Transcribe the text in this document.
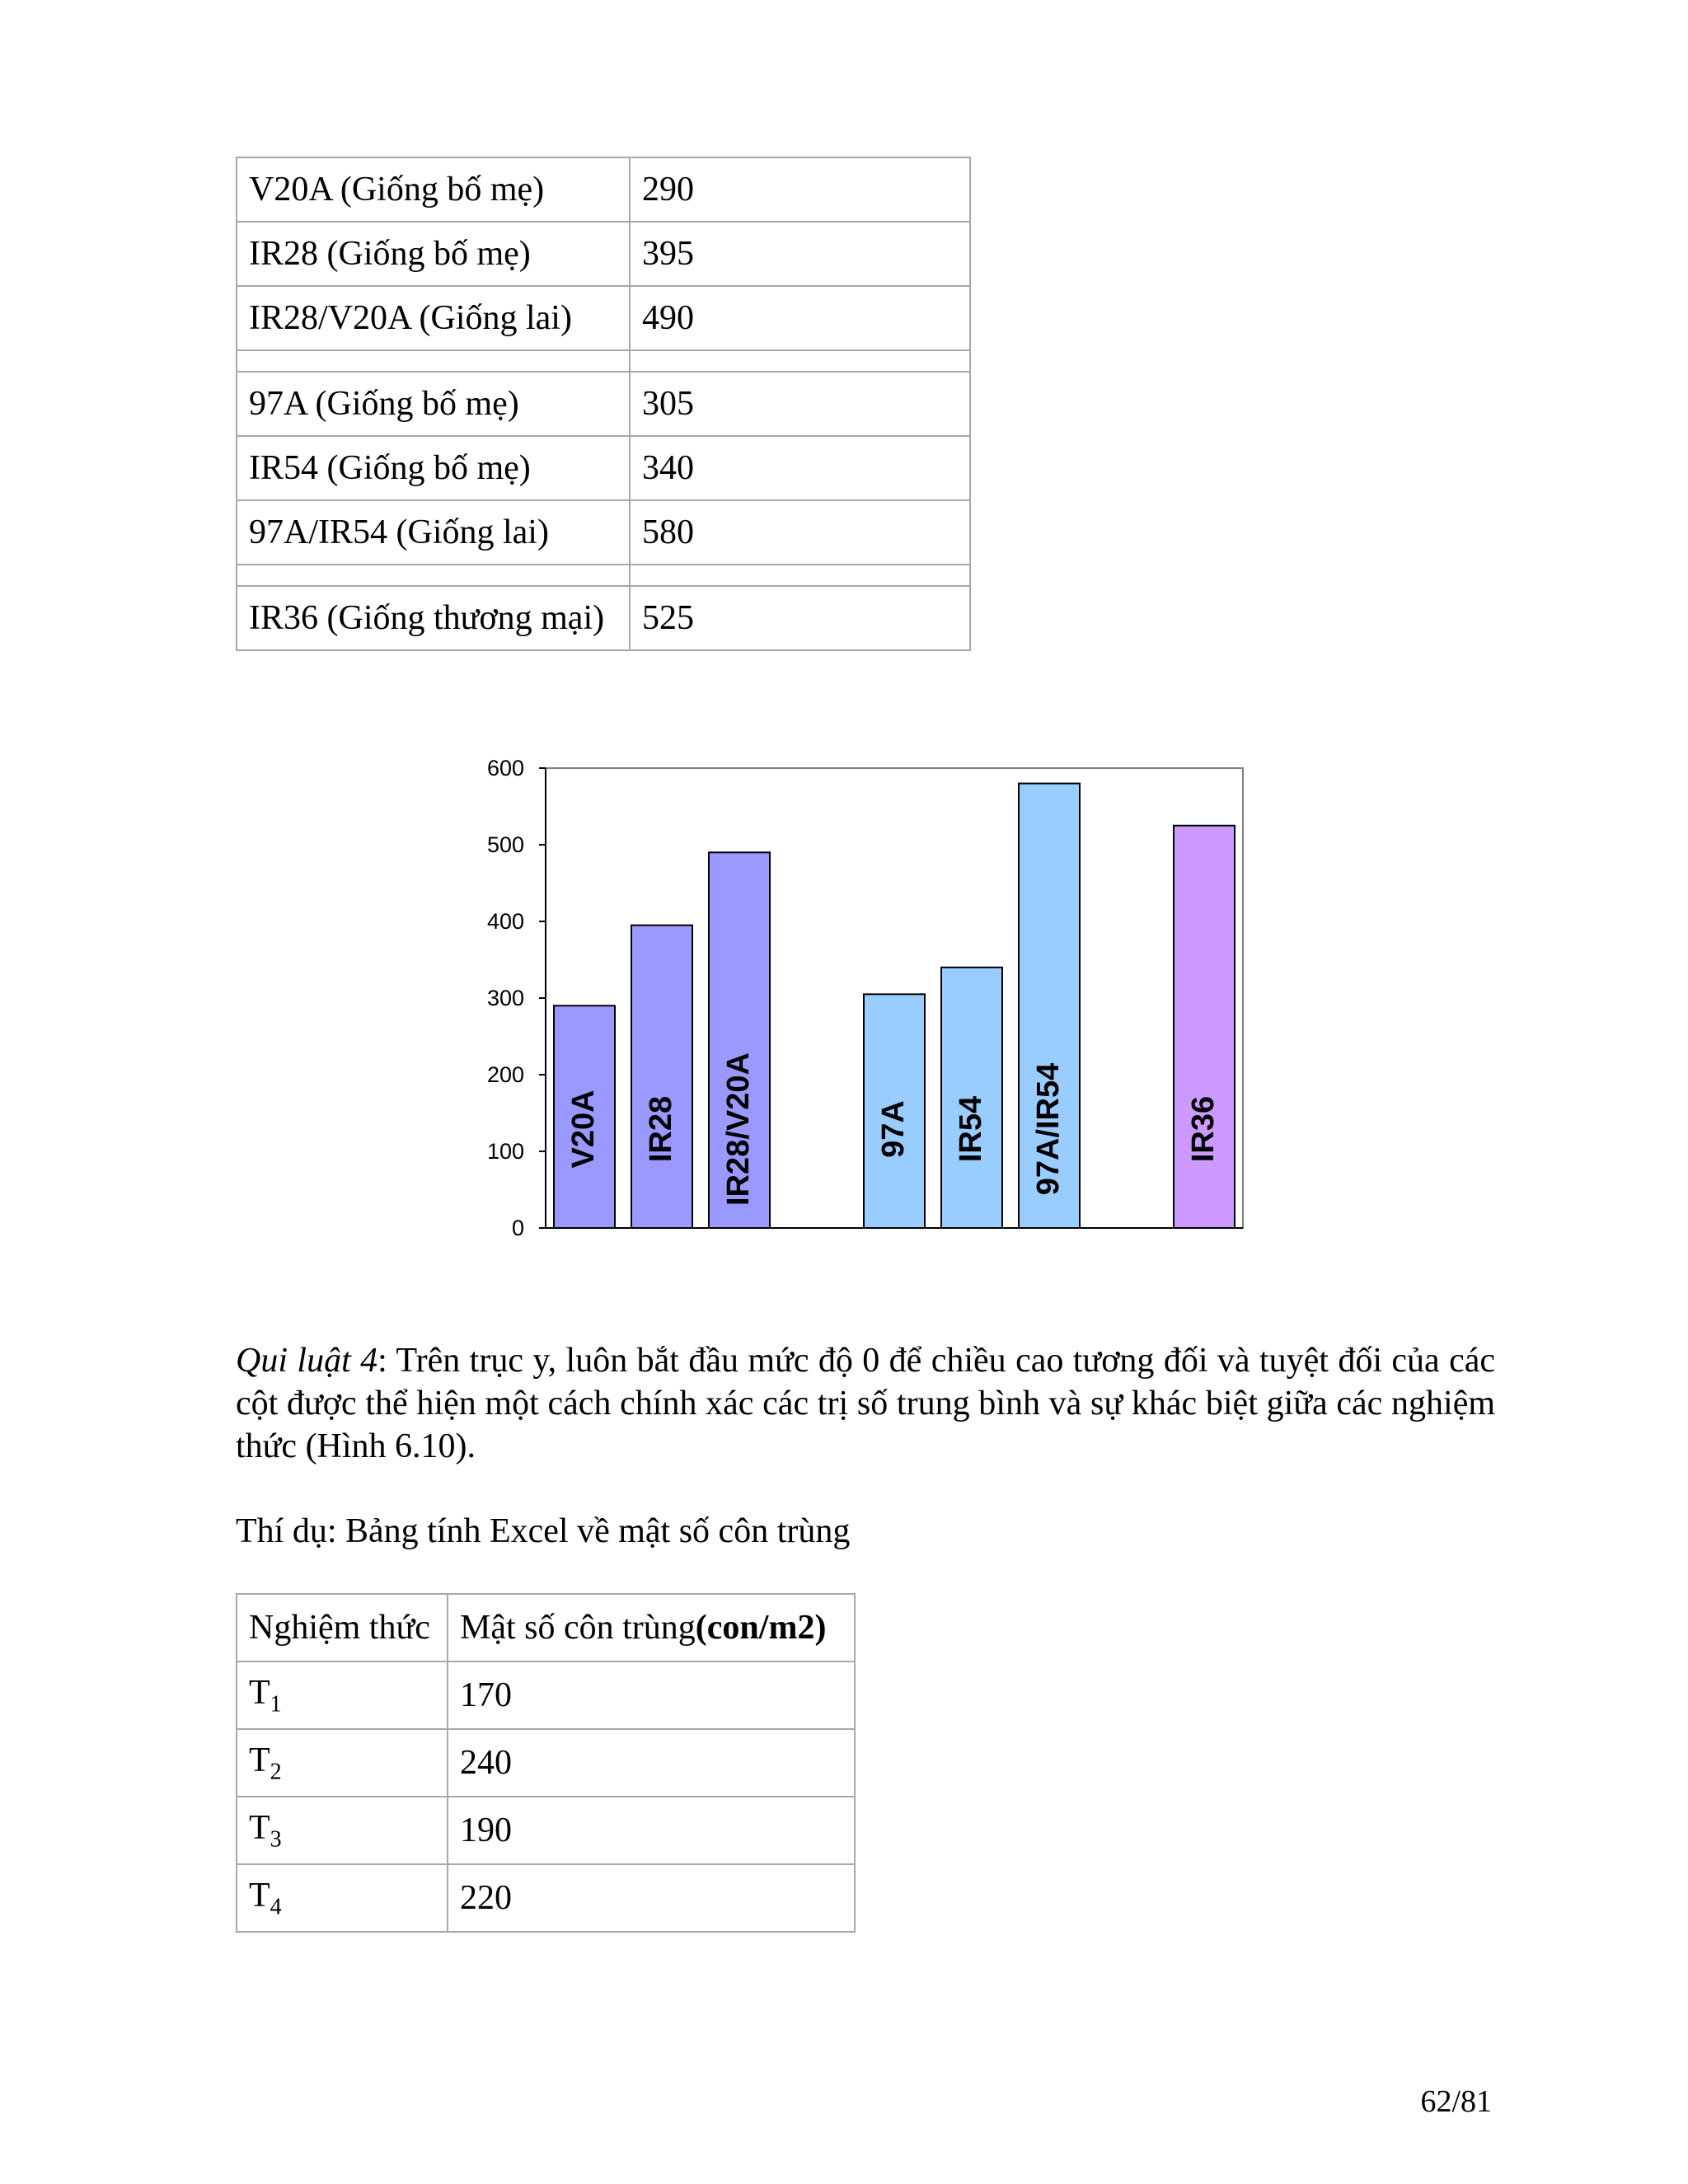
V20A (Giống bố mẹ)	290
IR28 (Giống bố mẹ)	395
IR28/V20A (Giống lai)	490

97A (Giống bố mẹ)	305
IR54 (Giống bố mẹ)	340
97A/IR54 (Giống lai)	580

IR36 (Giống thương mại)	525
0
100
200
300
400
500
600
V20A IR28 IR28/V20A	97A IR54 97A/IR54	IR36

Qui luật 4: Trên trục y, luôn bắt đầu mức độ 0 để chiều cao tương đối và tuyệt đối của các cột được thể hiện một cách chính xác các trị số trung bình và sự khác biệt giữa các nghiệm thức (Hình 6.10).

Thí dụ: Bảng tính Excel về mật số côn trùng

Nghiệm thức	Mật số côn trùng(con/m2)
$T_1$	170
$T_2$	240
$T_3$	190
$T_4$	220
62/81
